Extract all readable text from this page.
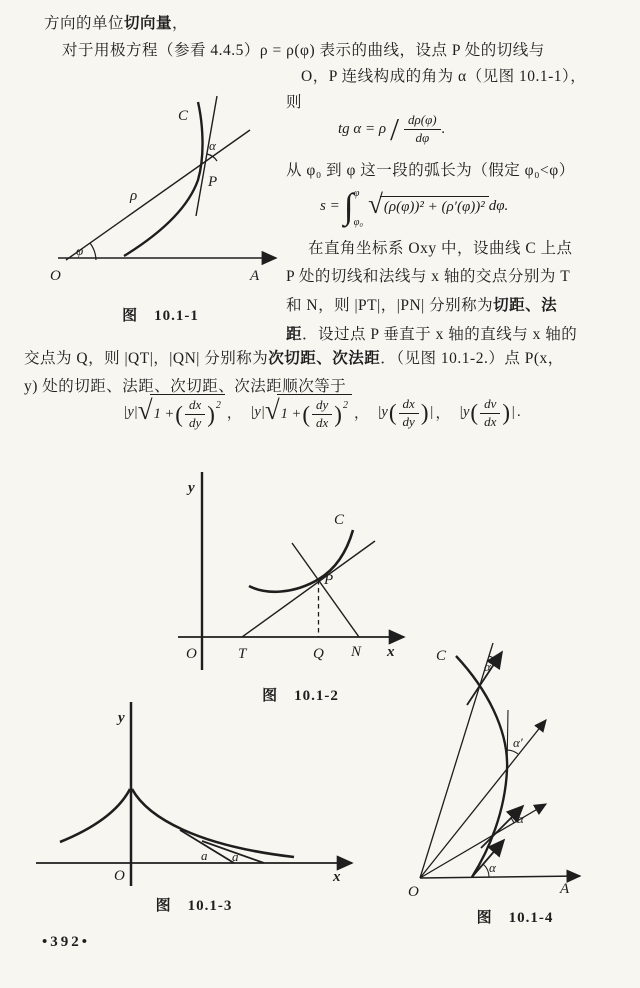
方向的单位切向量，
对于用极方程（参看 4.4.5）ρ = ρ(φ) 表示的曲线，设点 P 处的切线与
O，P 连线构成的角为 α（见图 10.1-1），
则
tg $\alpha = \rho / \frac{d\rho(\varphi)}{d\varphi}$ .
从 φ₀ 到 φ 这一段的弧长为（假定 φ₀<φ）
s = ∫ φ
φ₀
√ (ρ(φ))² + (ρ′(φ))² dφ.
在直角坐标系 Oxy 中，设曲线 C 上点
P 处的切线和法线与 x 轴的交点分别为 T
和 N，则 |PT|，|PN| 分别称为切距、法
距．设过点 P 垂直于 x 轴的直线与 x 轴的
交点为 Q，则 |QT|，|QN| 分别称为次切距、次法距．（见图 10.1-2.）点 P(x，
y) 处的切距、法距、次切距、次法距顺次等于
|y| √ 1 + ( $\frac{dx}{dy}$ ) 2
， |y| √ 1 + ( $\frac{dy}{dx}$ ) 2
， |y ( $\frac{dx}{dy}$ ) | ， |y ( $\frac{dv}{dx}$ ) | .
C
α
P
ρ
φ
O	A
图 10.1-1
y
C
P
O	T	Q N x
图 10.1-2
y
O	x
a a
图 10.1-3
C
α
α′
α
α
O	A
图 10.1-4
•392•
